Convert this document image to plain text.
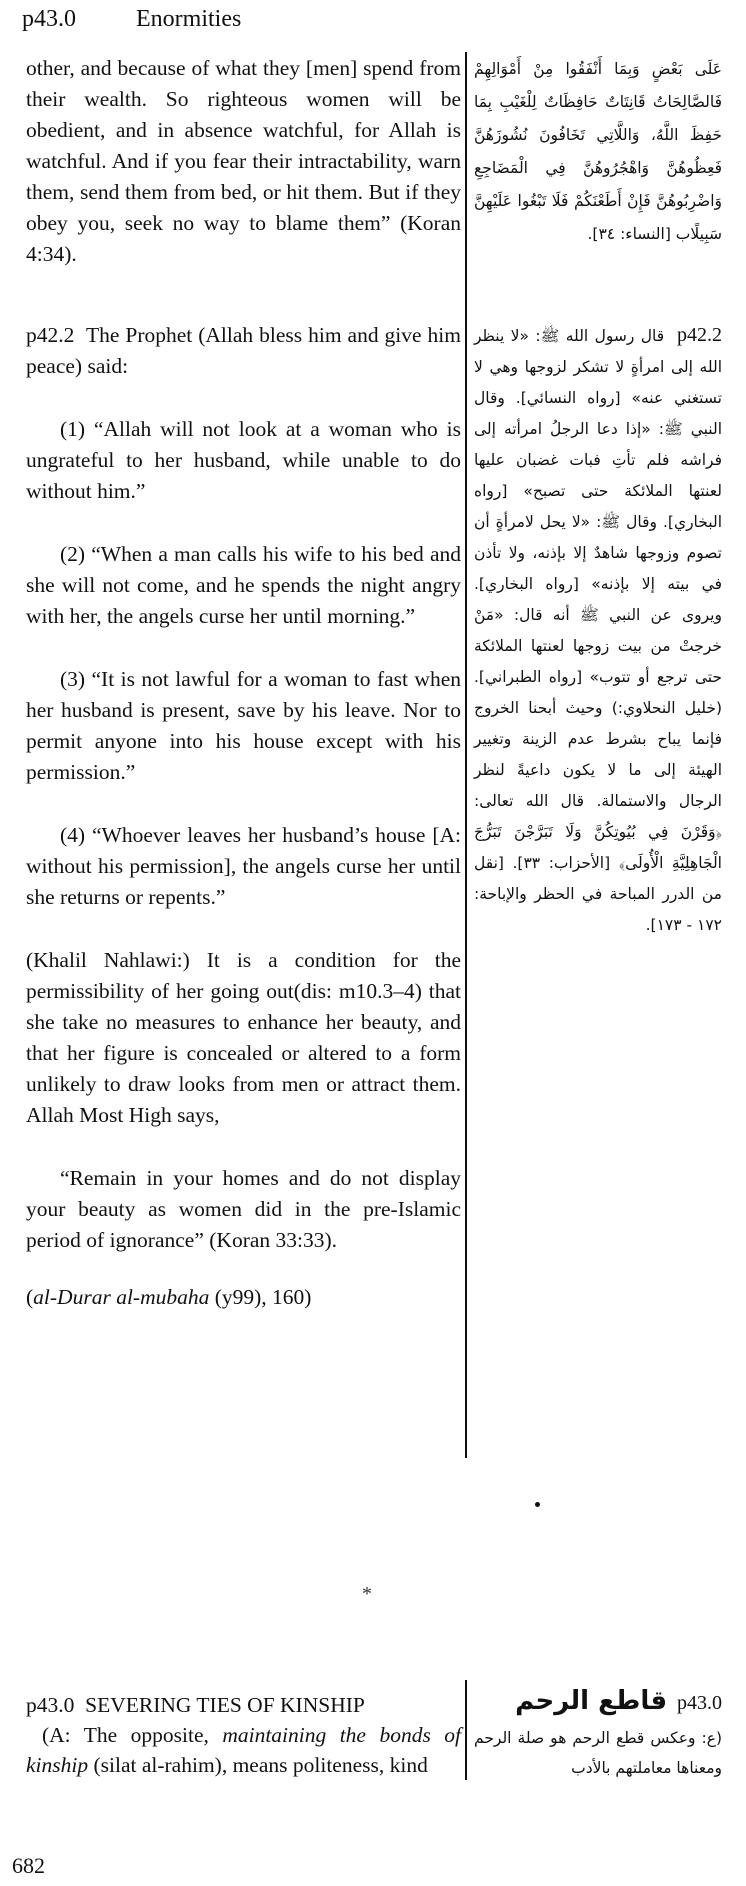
p43.0	Enormities

other, and because of what they [men] spend from their wealth. So righteous women will be obedient, and in absence watchful, for Allah is watchful. And if you fear their intractability, warn them, send them from bed, or hit them. But if they obey you, seek no way to blame them” (Koran 4:34).

عَلَى بَعْضٍ وَبِمَا أَنْفَقُوا مِنْ أَمْوَالِهِمْ فَالصَّالِحَاتُ قَانِتَاتٌ حَافِظَاتٌ لِلْغَيْبِ بِمَا حَفِظَ اللَّهُ، وَاللَّاتِي تَخَافُونَ نُشُوزَهُنَّ فَعِظُوهُنَّ وَاهْجُرُوهُنَّ فِي الْمَضَاجِعِ وَاضْرِبُوهُنَّ فَإِنْ أَطَعْنَكُمْ فَلَا تَبْغُوا عَلَيْهِنَّ سَبِيلًاب [النساء: ٣٤].

p42.2 The Prophet (Allah bless him and give him peace) said:

(1) “Allah will not look at a woman who is ungrateful to her husband, while unable to do without him.”

(2) “When a man calls his wife to his bed and she will not come, and he spends the night angry with her, the angels curse her until morning.”

(3) “It is not lawful for a woman to fast when her husband is present, save by his leave. Nor to permit anyone into his house except with his permission.”

(4) “Whoever leaves her husband’s house [A: without his permission], the angels curse her until she returns or repents.”

(Khalil Nahlawi:) It is a condition for the permissibility of her going out(dis: m10.3–4) that she take no measures to enhance her beauty, and that her figure is concealed or altered to a form unlikely to draw looks from men or attract them. Allah Most High says,

“Remain in your homes and do not display your beauty as women did in the pre-Islamic period of ignorance” (Koran 33:33).

(al-Durar al-mubaha (y99), 160)

p42.2  قال رسول الله ﷺ: «لا ينظر الله إلى امرأةٍ لا تشكر لزوجها وهي لا تستغني عنه» [رواه النسائي]. وقال النبي ﷺ: «إذا دعا الرجلُ امرأته إلى فراشه فلم تأتِ فبات غضبان عليها لعنتها الملائكة حتى تصبح» [رواه البخاري]. وقال ﷺ: «لا يحل لامرأةٍ أن تصوم وزوجها شاهدٌ إلا بإذنه، ولا تأذن في بيته إلا بإذنه» [رواه البخاري]. ويروى عن النبي ﷺ أنه قال: «مَنْ خرجتْ من بيت زوجها لعنتها الملائكة حتى ترجع أو تتوب» [رواه الطبراني]. (خليل النحلاوي:) وحيث أبحنا الخروج فإنما يباح بشرط عدم الزينة وتغيير الهيئة إلى ما لا يكون داعيةً لنظر الرجال والاستمالة. قال الله تعالى: ﴿وَقَرْنَ فِي بُيُوتِكُنَّ وَلَا تَبَرَّجْنَ تَبَرُّجَ الْجَاهِلِيَّةِ الْأُولَى﴾ [الأحزاب: ٣٣]. [نقل من الدرر المباحة في الحظر والإباحة: ١٧٢ - ١٧٣].

*

p43.0 SEVERING TIES OF KINSHIP

(A: The opposite, maintaining the bonds of kinship (silat al-rahim), means politeness, kind

p43.0  قاطع الرحم

(ع: وعكس قطع الرحم هو صلة الرحم ومعناها معاملتهم بالأدب

682
